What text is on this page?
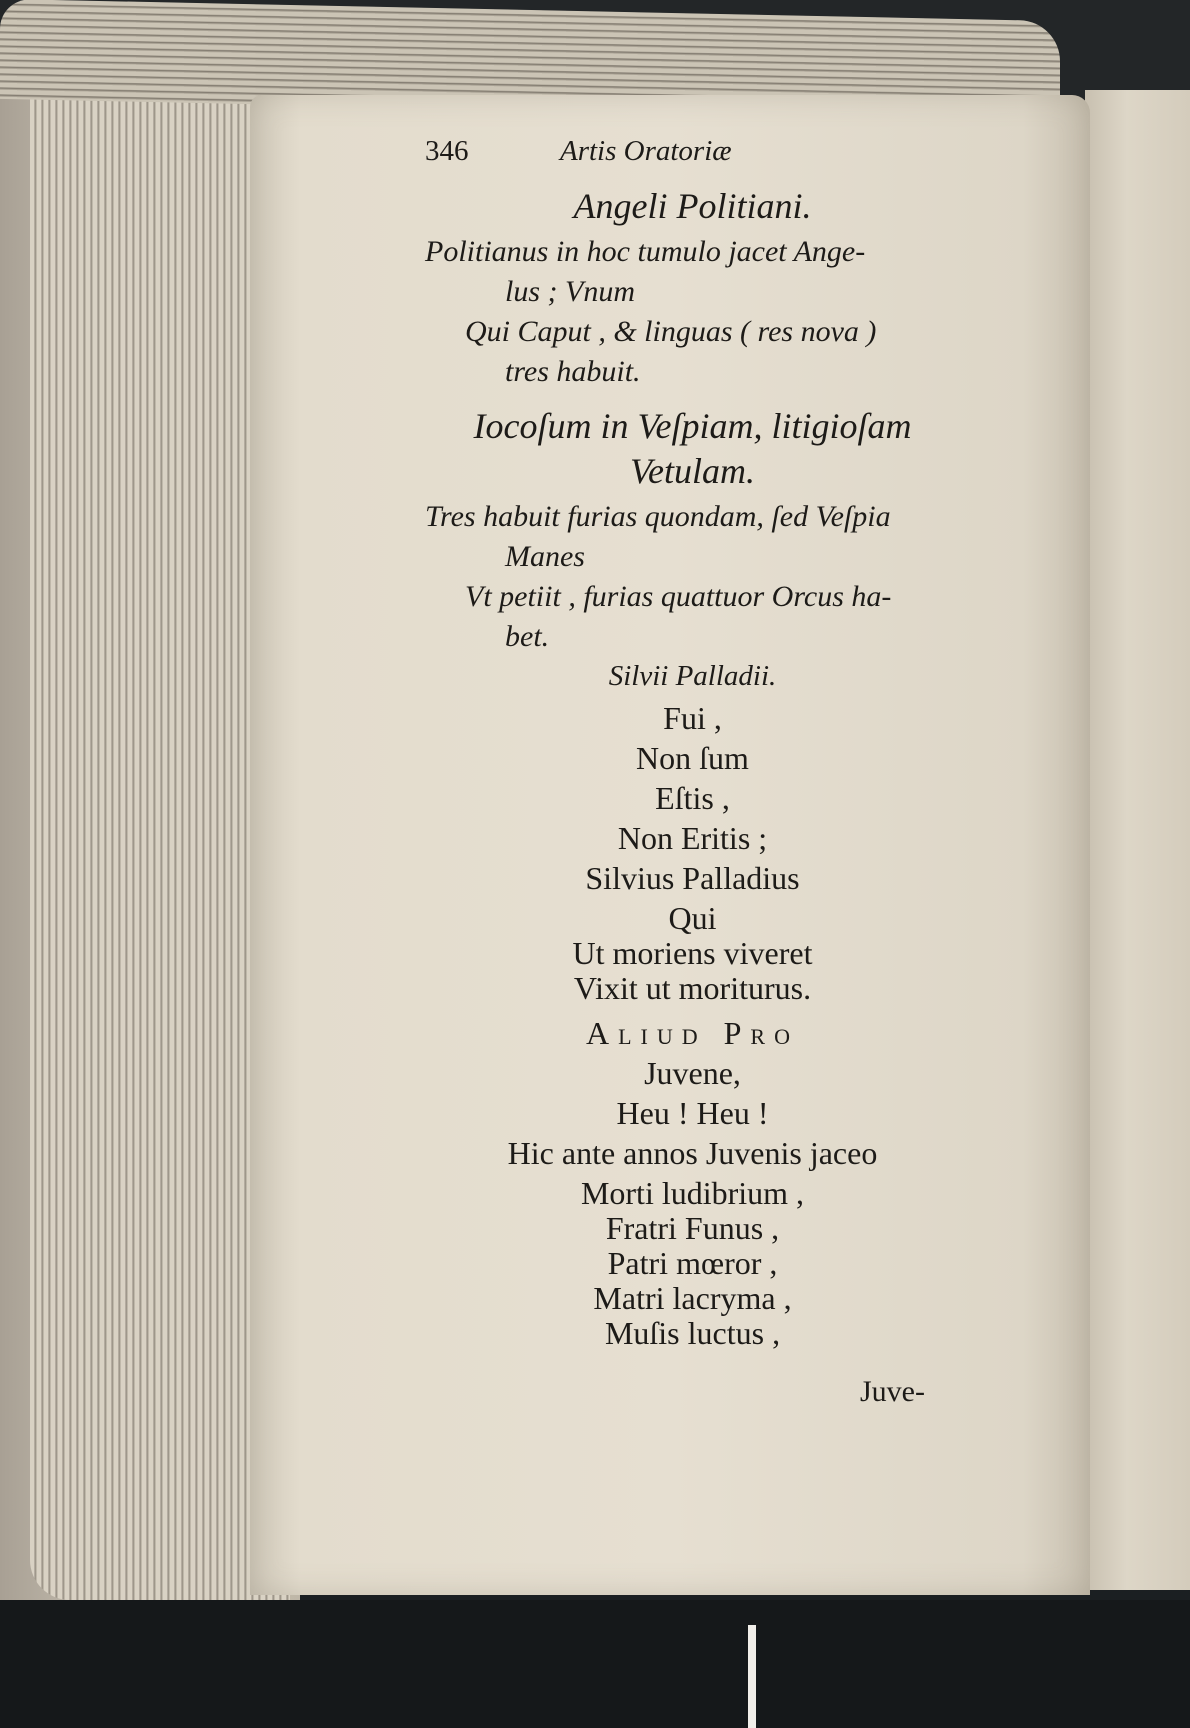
346	Artis Oratoriæ
Angeli Politiani.
Politianus in hoc tumulo jacet Ange-
lus ; Vnum
Qui Caput , & linguas ( res nova )
tres habuit.
Iocoſum in Veſpiam, litigioſam
Vetulam.
Tres habuit furias quondam, ſed Veſpia
Manes
Vt petiit , furias quattuor Orcus ha-
bet.
Silvii Palladii.
Fui ,
Non ſum
Eſtis ,
Non Eritis ;
Silvius Palladius
Qui
Ut moriens viveret
Vixit ut moriturus.
Aliud Pro
Juvene,
Heu ! Heu !
Hic ante annos Juvenis jaceo
Morti ludibrium ,
Fratri Funus ,
Patri mœror ,
Matri lacryma ,
Muſis luctus ,
Juve-
